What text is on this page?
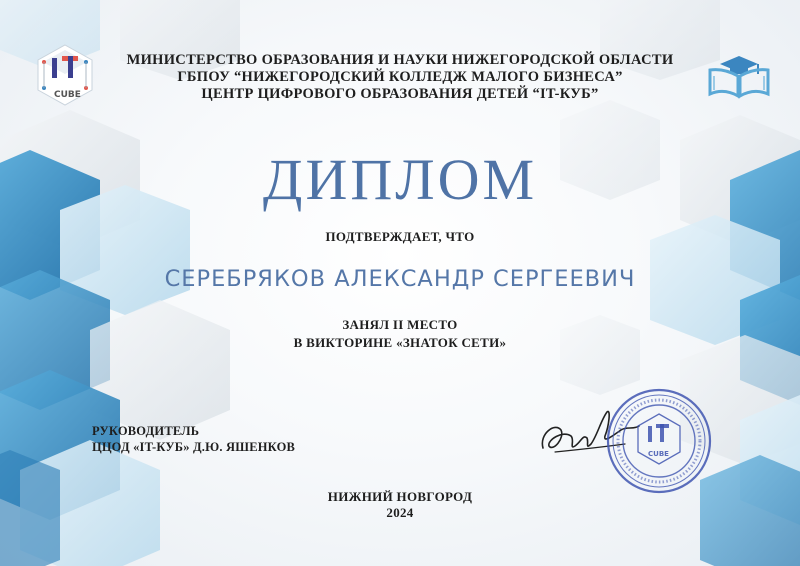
CUBE
МИНИСТЕРСТВО ОБРАЗОВАНИЯ И НАУКИ НИЖЕГОРОДСКОЙ ОБЛАСТИ
ГБПОУ “НИЖЕГОРОДСКИЙ КОЛЛЕДЖ МАЛОГО БИЗНЕСА”
ЦЕНТР ЦИФРОВОГО ОБРАЗОВАНИЯ ДЕТЕЙ “IT-КУБ”
ДИПЛОМ
ПОДТВЕРЖДАЕТ, ЧТО
СЕРЕБРЯКОВ АЛЕКСАНДР СЕРГЕЕВИЧ
ЗАНЯЛ II МЕСТО
В ВИКТОРИНЕ «ЗНАТОК СЕТИ»
РУКОВОДИТЕЛЬ
ЦЦОД «IT-КУБ» Д.Ю. ЯШЕНКОВ	CUBE
НИЖНИЙ НОВГОРОД
2024
